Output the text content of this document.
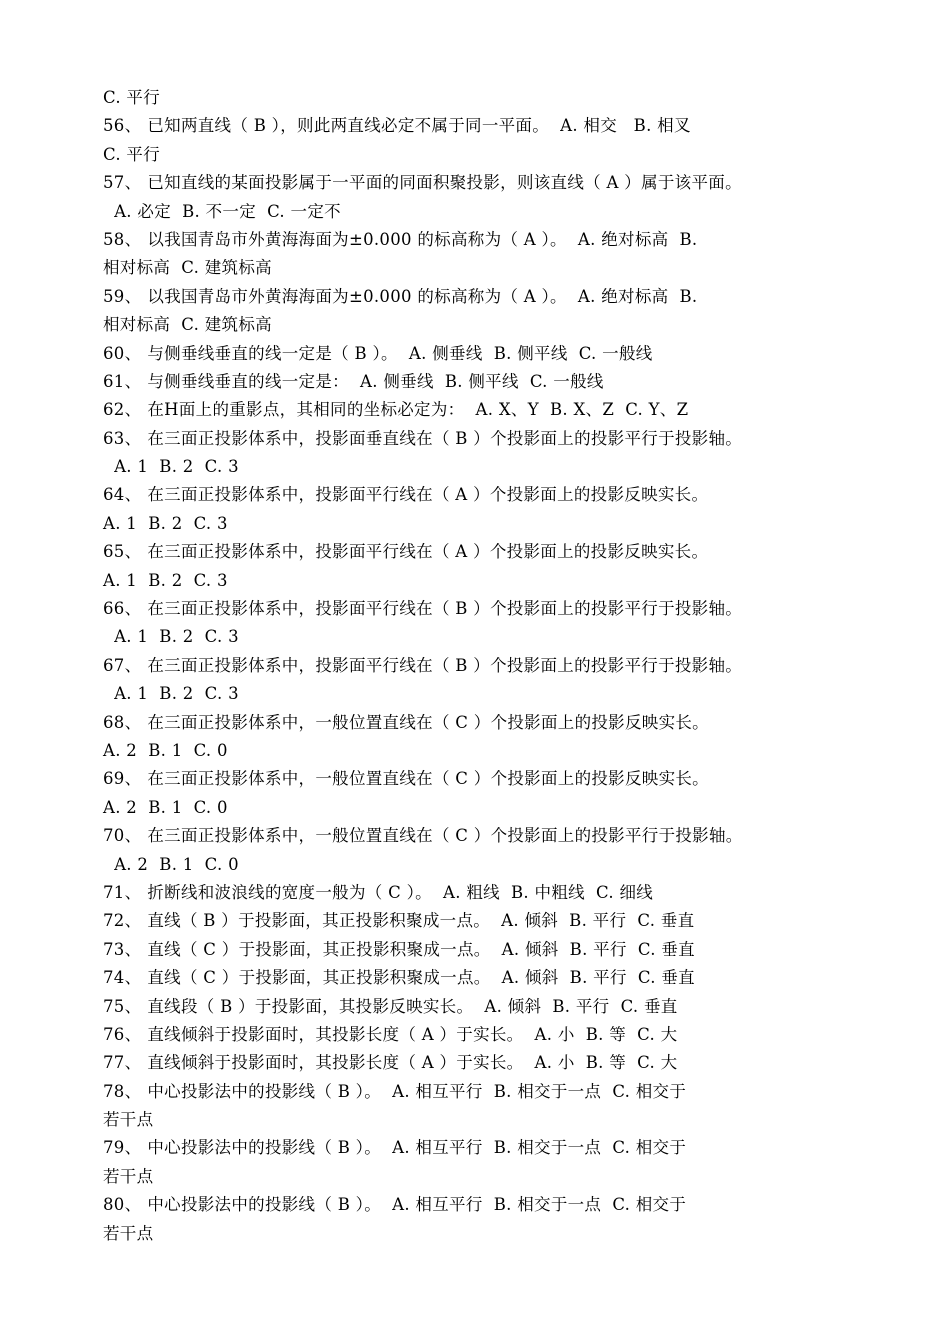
C. 平行
56、	已知两直线（ B ），则此两直线必定不属于同一平面。  A. 相交   B. 相叉
C. 平行
57、	已知直线的某面投影属于一平面的同面积聚投影，则该直线（ A ）属于该平面。
A. 必定  B. 不一定  C. 一定不
58、	以我国青岛市外黄海海面为±0.000 的标高称为（ A ）。  A. 绝对标高  B.
相对标高  C. 建筑标高
59、	以我国青岛市外黄海海面为±0.000 的标高称为（ A ）。  A. 绝对标高  B.
相对标高  C. 建筑标高
60、	与侧垂线垂直的线一定是（ B ）。  A. 侧垂线  B. 侧平线  C. 一般线
61、	与侧垂线垂直的线一定是：  A. 侧垂线  B. 侧平线  C. 一般线
62、	在H面上的重影点，其相同的坐标必定为：  A. X、Y  B. X、Z  C. Y、Z
63、	在三面正投影体系中，投影面垂直线在（ B ）个投影面上的投影平行于投影轴。
A. 1  B. 2  C. 3
64、	在三面正投影体系中，投影面平行线在（ A ）个投影面上的投影反映实长。
A. 1  B. 2  C. 3
65、	在三面正投影体系中，投影面平行线在（ A ）个投影面上的投影反映实长。
A. 1  B. 2  C. 3
66、	在三面正投影体系中，投影面平行线在（ B ）个投影面上的投影平行于投影轴。
A. 1  B. 2  C. 3
67、	在三面正投影体系中，投影面平行线在（ B ）个投影面上的投影平行于投影轴。
A. 1  B. 2  C. 3
68、	在三面正投影体系中，一般位置直线在（ C ）个投影面上的投影反映实长。
A. 2  B. 1  C. 0
69、	在三面正投影体系中，一般位置直线在（ C ）个投影面上的投影反映实长。
A. 2  B. 1  C. 0
70、	在三面正投影体系中，一般位置直线在（ C ）个投影面上的投影平行于投影轴。
A. 2  B. 1  C. 0
71、	折断线和波浪线的宽度一般为（ C ）。  A. 粗线  B. 中粗线  C. 细线
72、	直线（ B ）于投影面，其正投影积聚成一点。  A. 倾斜  B. 平行  C. 垂直
73、	直线（ C ）于投影面，其正投影积聚成一点。  A. 倾斜  B. 平行  C. 垂直
74、	直线（ C ）于投影面，其正投影积聚成一点。  A. 倾斜  B. 平行  C. 垂直
75、	直线段（ B ）于投影面，其投影反映实长。  A. 倾斜  B. 平行  C. 垂直
76、	直线倾斜于投影面时，其投影长度（ A ）于实长。  A. 小  B. 等  C. 大
77、	直线倾斜于投影面时，其投影长度（ A ）于实长。  A. 小  B. 等  C. 大
78、	中心投影法中的投影线（ B ）。  A. 相互平行  B. 相交于一点  C. 相交于
若干点
79、	中心投影法中的投影线（ B ）。  A. 相互平行  B. 相交于一点  C. 相交于
若干点
80、	中心投影法中的投影线（ B ）。  A. 相互平行  B. 相交于一点  C. 相交于
若干点
